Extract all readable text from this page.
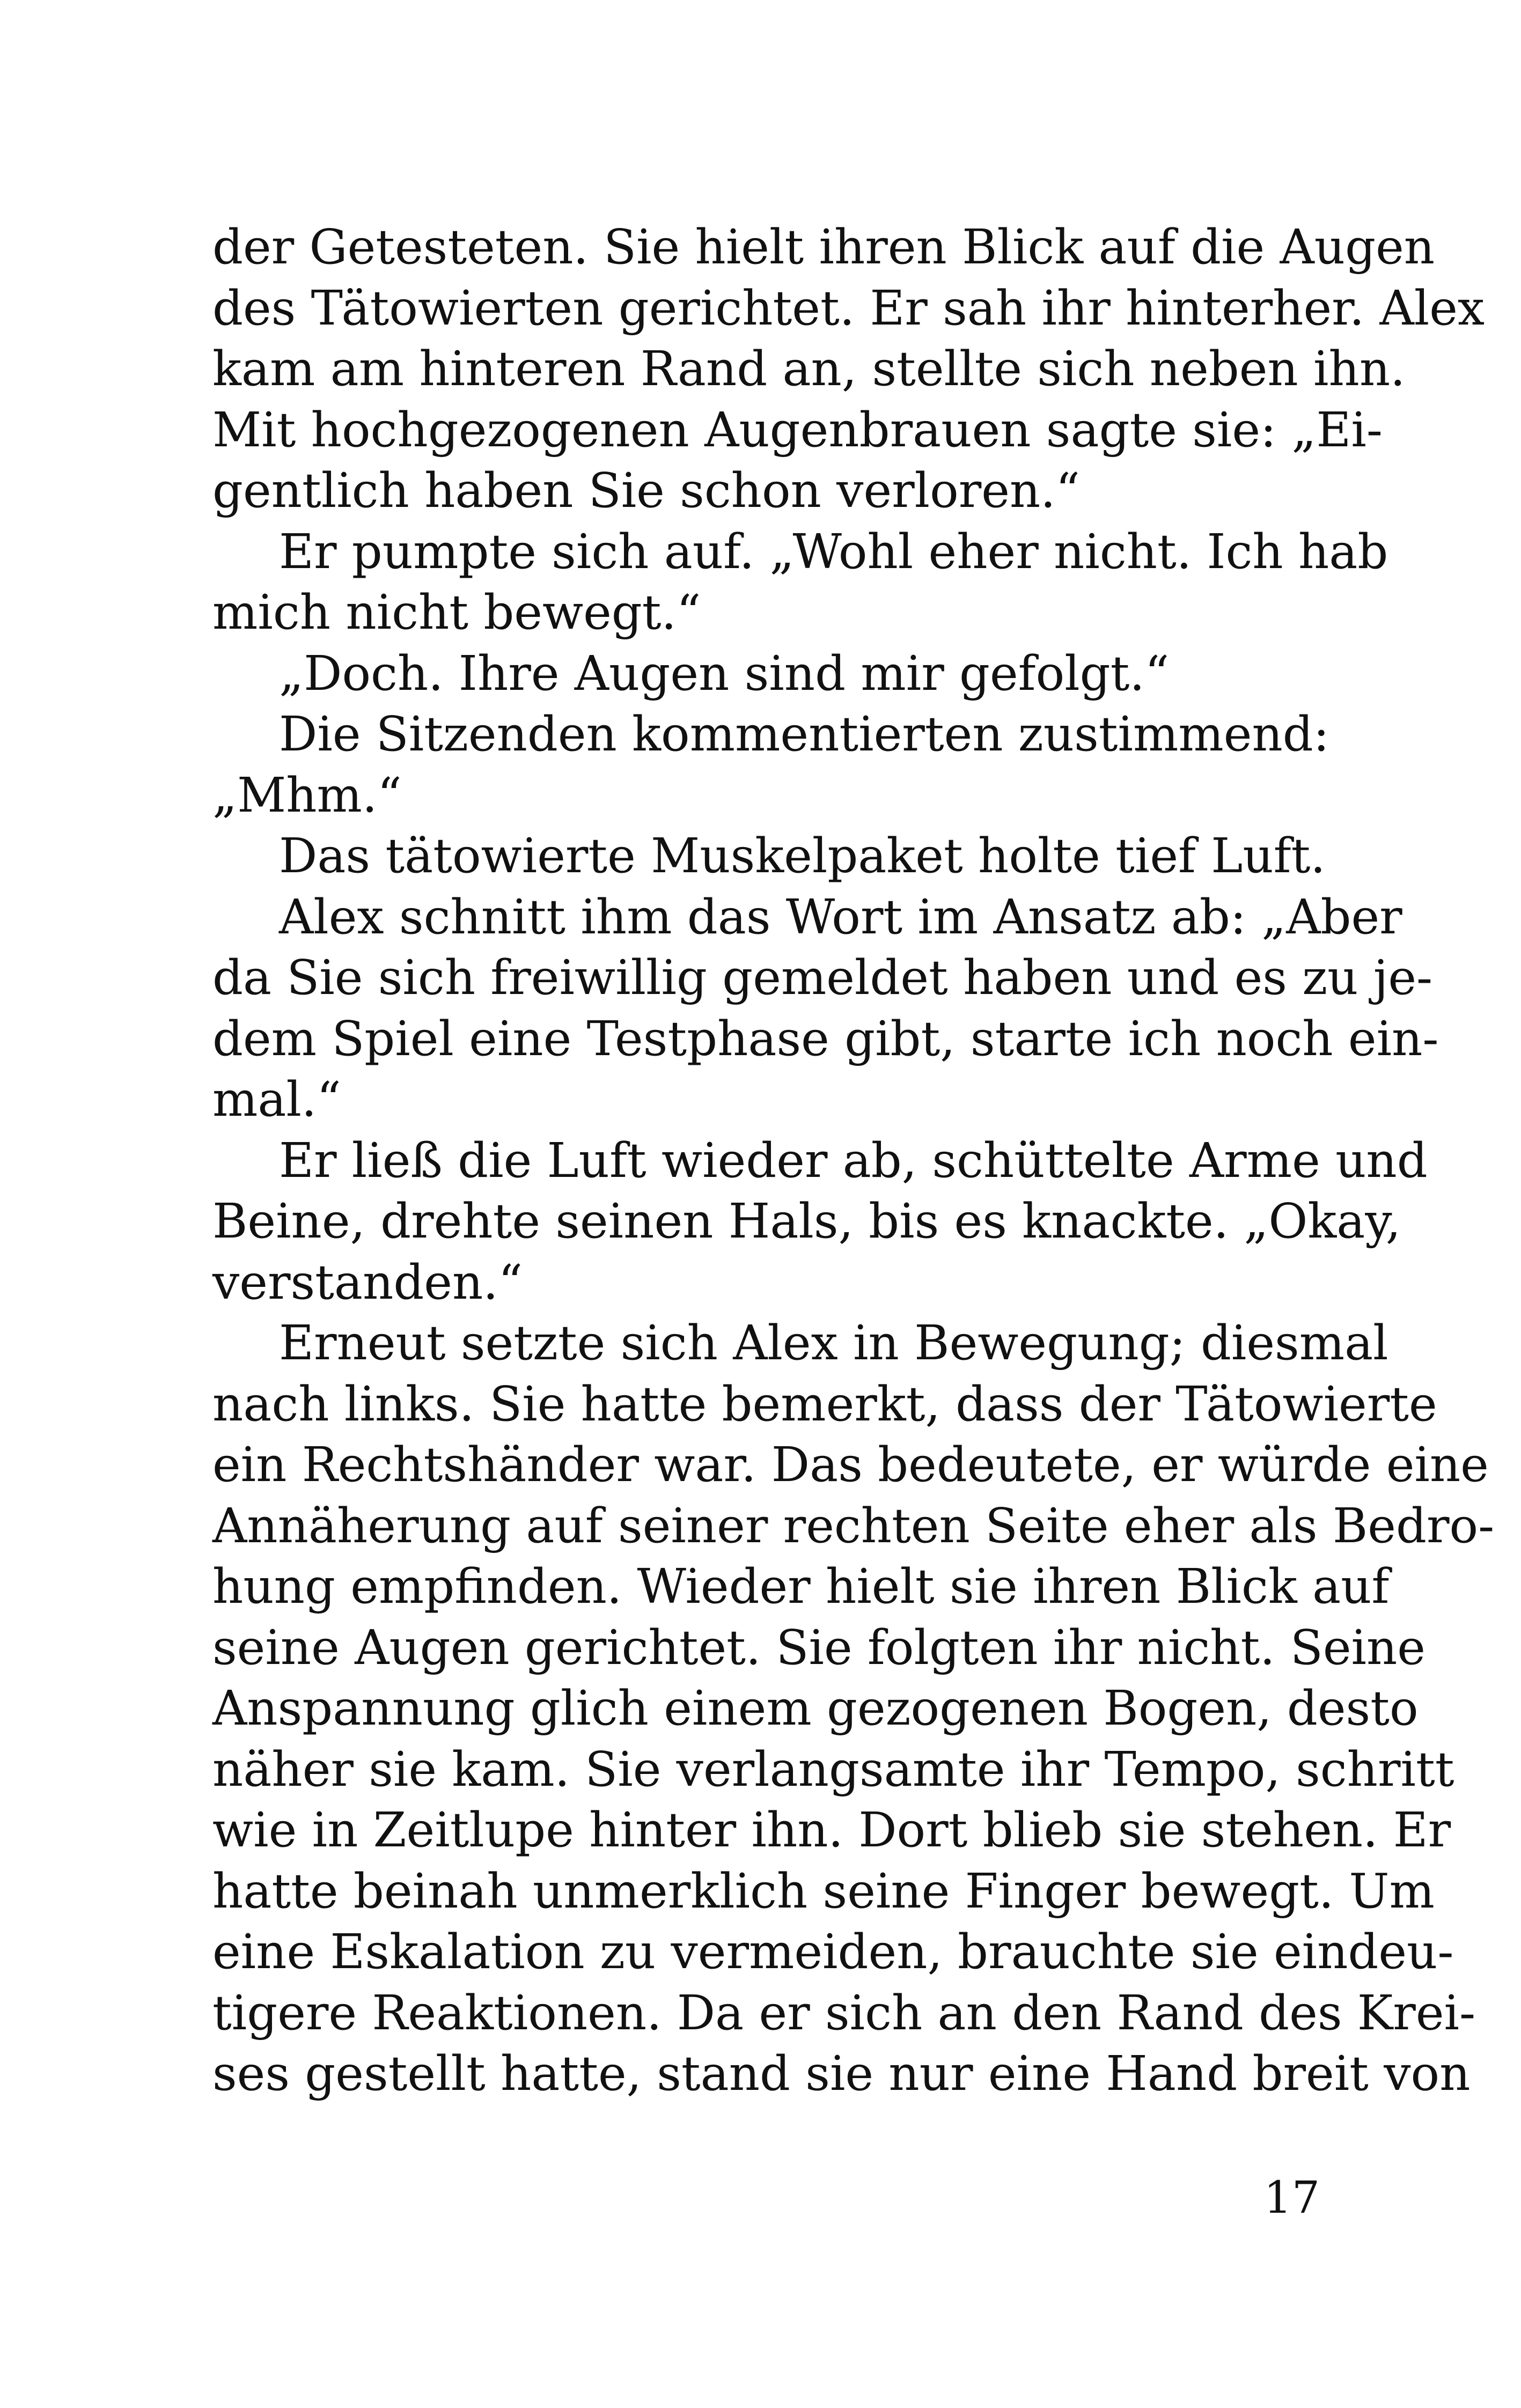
der Getesteten. Sie hielt ihren Blick auf die Augen
des Tätowierten gerichtet. Er sah ihr hinterher. Alex
kam am hinteren Rand an, stellte sich neben ihn.
Mit hochgezogenen Augenbrauen sagte sie: „Ei-
gentlich haben Sie schon verloren.“
Er pumpte sich auf. „Wohl eher nicht. Ich hab
mich nicht bewegt.“
„Doch. Ihre Augen sind mir gefolgt.“
Die Sitzenden kommentierten zustimmend:
„Mhm.“
Das tätowierte Muskelpaket holte tief Luft.
Alex schnitt ihm das Wort im Ansatz ab: „Aber
da Sie sich freiwillig gemeldet haben und es zu je-
dem Spiel eine Testphase gibt, starte ich noch ein-
mal.“
Er ließ die Luft wieder ab, schüttelte Arme und
Beine, drehte seinen Hals, bis es knackte. „Okay,
verstanden.“
Erneut setzte sich Alex in Bewegung; diesmal
nach links. Sie hatte bemerkt, dass der Tätowierte
ein Rechtshänder war. Das bedeutete, er würde eine
Annäherung auf seiner rechten Seite eher als Bedro-
hung empfinden. Wieder hielt sie ihren Blick auf
seine Augen gerichtet. Sie folgten ihr nicht. Seine
Anspannung glich einem gezogenen Bogen, desto
näher sie kam. Sie verlangsamte ihr Tempo, schritt
wie in Zeitlupe hinter ihn. Dort blieb sie stehen. Er
hatte beinah unmerklich seine Finger bewegt. Um
eine Eskalation zu vermeiden, brauchte sie eindeu-
tigere Reaktionen. Da er sich an den Rand des Krei-
ses gestellt hatte, stand sie nur eine Hand breit von
17
